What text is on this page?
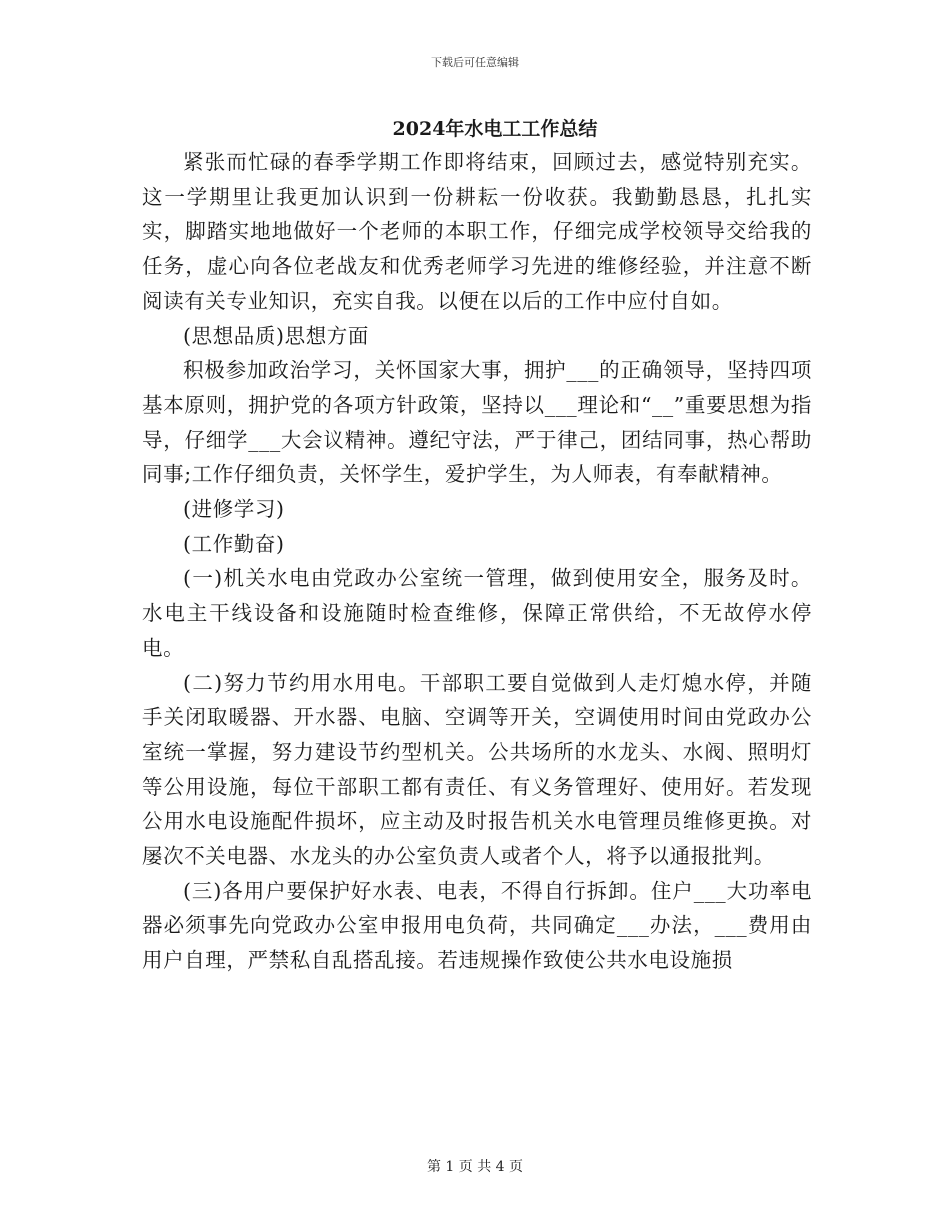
下载后可任意编辑
2024年水电工工作总结

紧张而忙碌的春季学期工作即将结束，回顾过去，感觉特别充实。这一学期里让我更加认识到一份耕耘一份收获。我勤勤恳恳，扎扎实实，脚踏实地地做好一个老师的本职工作，仔细完成学校领导交给我的任务，虚心向各位老战友和优秀老师学习先进的维修经验，并注意不断阅读有关专业知识，充实自我。以便在以后的工作中应付自如。

(思想品质)思想方面

积极参加政治学习，关怀国家大事，拥护___的正确领导，坚持四项基本原则，拥护党的各项方针政策，坚持以___理论和“__”重要思想为指导，仔细学___大会议精神。遵纪守法，严于律己，团结同事，热心帮助同事;工作仔细负责，关怀学生，爱护学生，为人师表，有奉献精神。

(进修学习)

(工作勤奋)

(一)机关水电由党政办公室统一管理，做到使用安全，服务及时。水电主干线设备和设施随时检查维修，保障正常供给，不无故停水停电。

(二)努力节约用水用电。干部职工要自觉做到人走灯熄水停，并随手关闭取暖器、开水器、电脑、空调等开关，空调使用时间由党政办公室统一掌握，努力建设节约型机关。公共场所的水龙头、水阀、照明灯等公用设施，每位干部职工都有责任、有义务管理好、使用好。若发现公用水电设施配件损坏，应主动及时报告机关水电管理员维修更换。对屡次不关电器、水龙头的办公室负责人或者个人，将予以通报批判。

(三)各用户要保护好水表、电表，不得自行拆卸。住户___大功率电器必须事先向党政办公室申报用电负荷，共同确定___办法，___费用由用户自理，严禁私自乱搭乱接。若违规操作致使公共水电设施损

第 1 页 共 4 页
